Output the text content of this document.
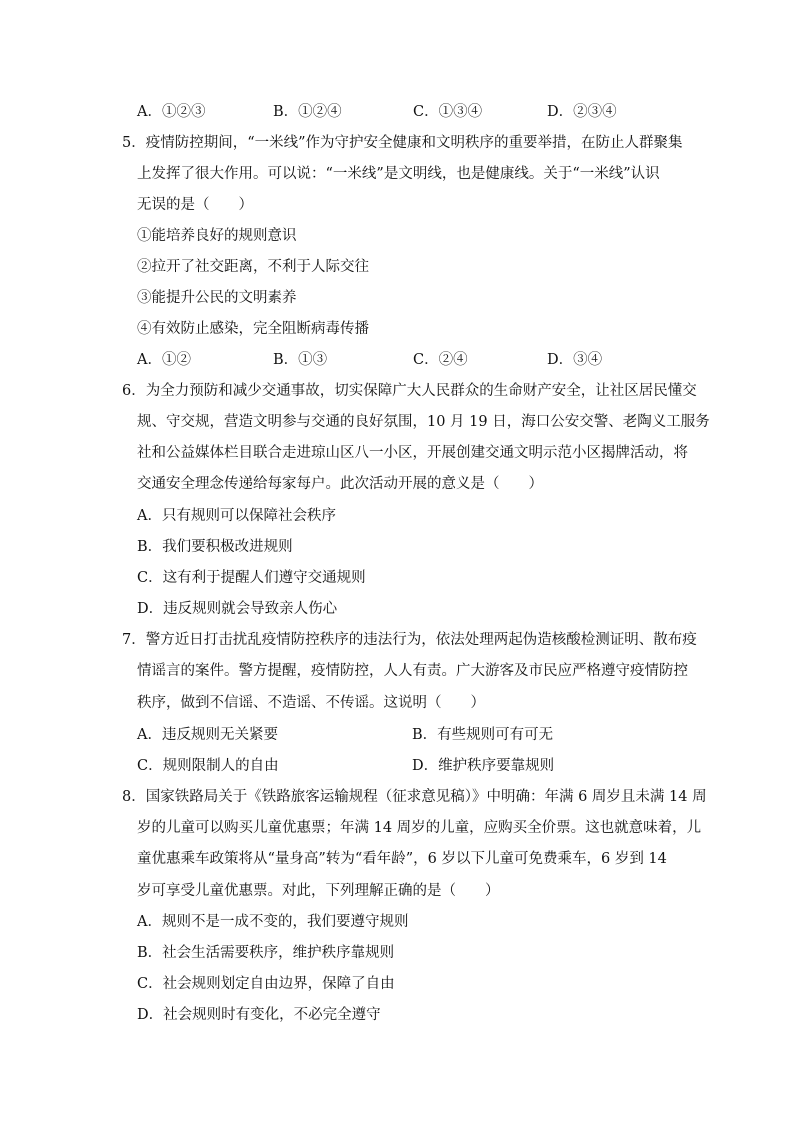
A．①②③	B．①②④	C．①③④	D．②③④
5．疫情防控期间，“一米线”作为守护安全健康和文明秩序的重要举措，在防止人群聚集
上发挥了很大作用。可以说：“一米线”是文明线，也是健康线。关于“一米线”认识
无误的是（　　）
①能培养良好的规则意识
②拉开了社交距离，不利于人际交往
③能提升公民的文明素养
④有效防止感染，完全阻断病毒传播
A．①②	B．①③	C．②④	D．③④
6．为全力预防和减少交通事故，切实保障广大人民群众的生命财产安全，让社区居民懂交
规、守交规，营造文明参与交通的良好氛围，10 月 19 日，海口公安交警、老陶义工服务
社和公益媒体栏目联合走进琼山区八一小区，开展创建交通文明示范小区揭牌活动，将
交通安全理念传递给每家每户。此次活动开展的意义是（　　）
A．只有规则可以保障社会秩序
B．我们要积极改进规则
C．这有利于提醒人们遵守交通规则
D．违反规则就会导致亲人伤心
7．警方近日打击扰乱疫情防控秩序的违法行为，依法处理两起伪造核酸检测证明、散布疫
情谣言的案件。警方提醒，疫情防控，人人有责。广大游客及市民应严格遵守疫情防控
秩序，做到不信谣、不造谣、不传谣。这说明（　　）
A．违反规则无关紧要	B．有些规则可有可无
C．规则限制人的自由	D．维护秩序要靠规则
8．国家铁路局关于《铁路旅客运输规程（征求意见稿）》中明确：年满 6 周岁且未满 14 周
岁的儿童可以购买儿童优惠票；年满 14 周岁的儿童，应购买全价票。这也就意味着，儿
童优惠乘车政策将从“量身高”转为“看年龄”，6 岁以下儿童可免费乘车，6 岁到 14
岁可享受儿童优惠票。对此，下列理解正确的是（　　）
A．规则不是一成不变的，我们要遵守规则
B．社会生活需要秩序，维护秩序靠规则
C．社会规则划定自由边界，保障了自由
D．社会规则时有变化，不必完全遵守
